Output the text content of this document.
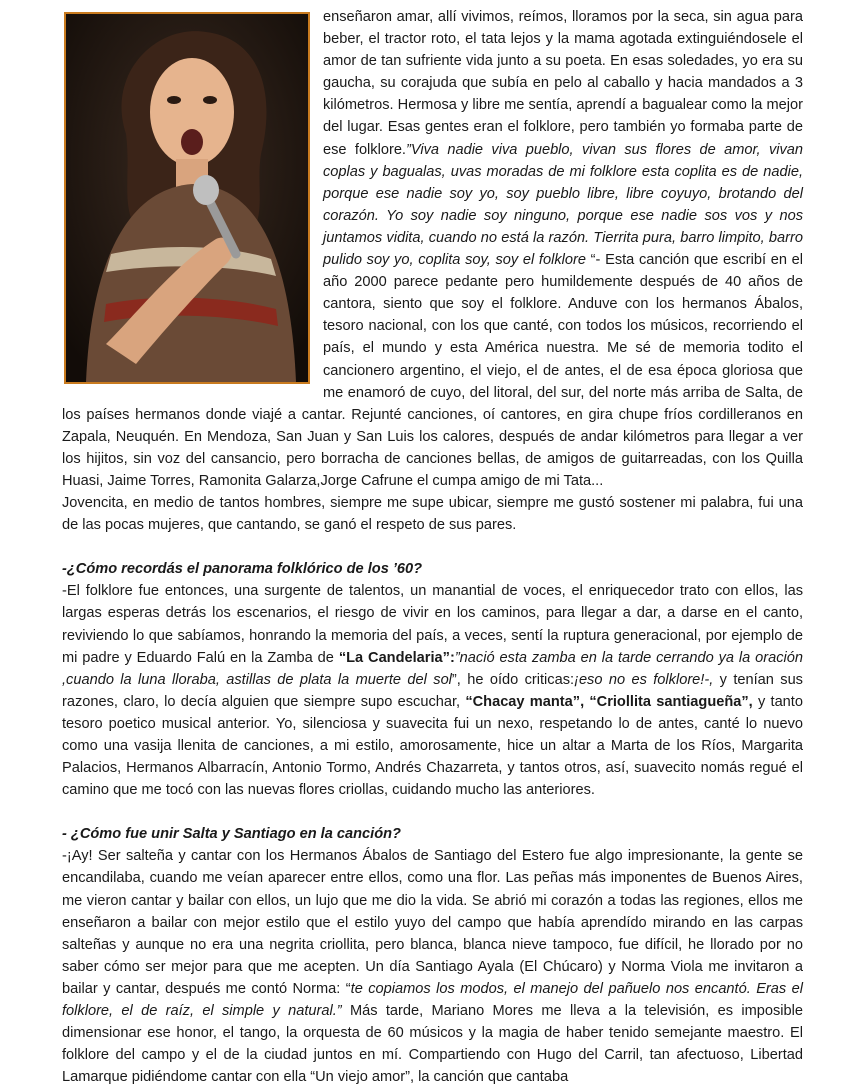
enseñaron amar, allí vivimos, reímos, lloramos por la seca, sin agua para beber, el tractor roto, el tata lejos y la mama agotada extinguiéndosele el amor de tan sufriente vida junto a su poeta. En esas soledades, yo era su gaucha, su corajuda que subía en pelo al caballo y hacia mandados a 3 kilómetros. Hermosa y libre me sentía, aprendí a bagualear como la mejor del lugar. Esas gentes eran el folklore, pero también yo formaba parte de ese folklore.”Viva nadie viva pueblo, vivan sus flores de amor, vivan coplas y bagualas, uvas moradas de mi folklore esta coplita es de nadie, porque ese nadie soy yo, soy pueblo libre, libre coyuyo, brotando del corazón. Yo soy nadie soy ninguno, porque ese nadie sos vos y nos juntamos vidita, cuando no está la razón. Tierrita pura, barro limpito, barro pulido soy yo, coplita soy, soy el folklore “- Esta canción que escribí en el año 2000 parece pedante pero humildemente después de 40 años de cantora, siento que soy el folklore. Anduve con los hermanos Ábalos, tesoro nacional, con los que canté, con todos los músicos, recorriendo el país, el mundo y esta América nuestra. Me sé de memoria todito el cancionero argentino, el viejo, el de antes, el de esa época gloriosa que me enamoró de cuyo, del litoral, del sur, del norte más arriba de Salta, de los países hermanos donde viajé a cantar. Rejunté canciones, oí cantores, en gira chupe fríos cordilleranos en Zapala, Neuquén. En Mendoza, San Juan y San Luis los calores, después de andar kilómetros para llegar a ver los hijitos, sin voz del cansancio, pero borracha de canciones bellas, de amigos de guitarreadas, con los Quilla Huasi, Jaime Torres, Ramonita Galarza,Jorge Cafrune el cumpa amigo de mi Tata...

Jovencita, en medio de tantos hombres, siempre me supe ubicar, siempre me gustó sostener mi palabra, fui una de las pocas mujeres, que cantando, se ganó el respeto de sus pares.

-¿Cómo recordás el panorama folklórico de los ’60?

-El folklore fue entonces, una surgente de talentos, un manantial de voces, el enriquecedor trato con ellos, las largas esperas detrás los escenarios, el riesgo de vivir en los caminos, para llegar a dar, a darse en el canto, reviviendo lo que sabíamos, honrando la memoria del país, a veces, sentí la ruptura generacional, por ejemplo de mi padre y Eduardo Falú en la Zamba de “La Candelaria”:”nació esta zamba en la tarde cerrando ya la oración ,cuando la luna lloraba, astillas de plata la muerte del sol”, he oído criticas:¡eso no es folklore!-, y tenían sus razones, claro, lo decía alguien que siempre supo escuchar, “Chacay manta”, “Criollita santiagueña”, y tanto tesoro poetico musical anterior. Yo, silenciosa y suavecita fui un nexo, respetando lo de antes, canté lo nuevo como una vasija llenita de canciones, a mi estilo, amorosamente, hice un altar a Marta de los Ríos, Margarita Palacios, Hermanos Albarracín, Antonio Tormo, Andrés Chazarreta, y tantos otros, así, suavecito nomás regué el camino que me tocó con las nuevas flores criollas, cuidando mucho las anteriores.

- ¿Cómo fue unir Salta y Santiago en la canción?

-¡Ay! Ser salteña y cantar con los Hermanos Ábalos de Santiago del Estero fue algo impresionante, la gente se encandilaba, cuando me veían aparecer entre ellos, como una flor. Las peñas más imponentes de Buenos Aires, me vieron cantar y bailar con ellos, un lujo que me dio la vida. Se abrió mi corazón a todas las regiones, ellos me enseñaron a bailar con mejor estilo que el estilo yuyo del campo que había aprendído mirando en las carpas salteñas y aunque no era una negrita criollita, pero blanca, blanca nieve tampoco, fue difícil, he llorado por no saber cómo ser mejor para que me acepten. Un día Santiago Ayala (El Chúcaro) y Norma Viola me invitaron a bailar y cantar, después me contó Norma: “te copiamos los modos, el manejo del pañuelo nos encantó. Eras el folklore, el de raíz, el simple y natural.” Más tarde, Mariano Mores me lleva a la televisión, es imposible dimensionar ese honor, el tango, la orquesta de 60 músicos y la magia de haber tenido semejante maestro. El folklore del campo y el de la ciudad juntos en mí. Compartiendo con Hugo del Carril, tan afectuoso, Libertad Lamarque pidiéndome cantar con ella “Un viejo amor”, la canción que cantaba
